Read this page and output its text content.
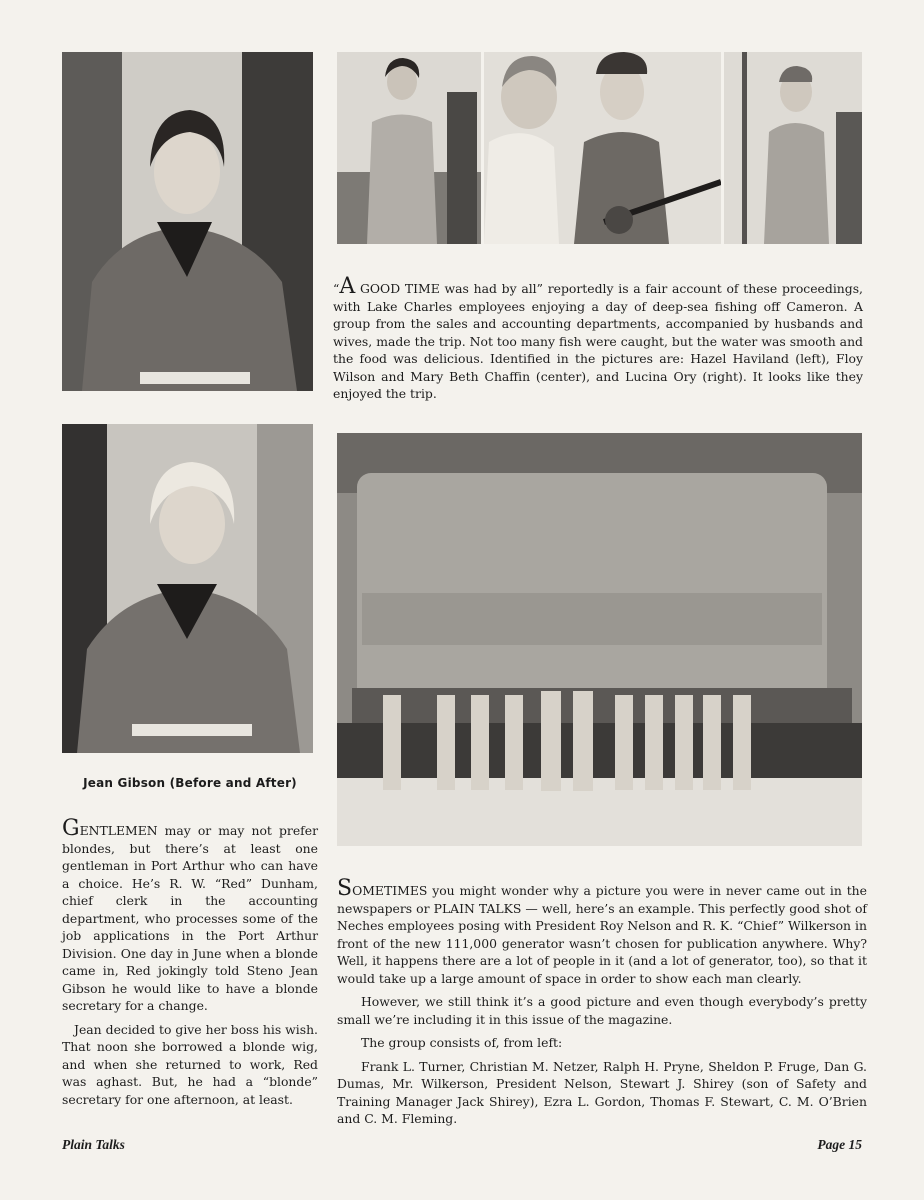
“A GOOD TIME was had by all” reportedly is a fair account of these proceedings, with Lake Charles employees enjoying a day of deep-sea fishing off Cameron. A group from the sales and accounting departments, accompanied by husbands and wives, made the trip. Not too many fish were caught, but the water was smooth and the food was delicious. Identified in the pictures are: Hazel Haviland (left), Floy Wilson and Mary Beth Chaffin (center), and Lucina Ory (right). It looks like they enjoyed the trip.

Jean Gibson (Before and After)

GENTLEMEN may or may not prefer blondes, but there’s at least one gentleman in Port Arthur who can have a choice. He’s R. W. “Red” Dunham, chief clerk in the accounting department, who processes some of the job applications in the Port Arthur Division. One day in June when a blonde came in, Red jokingly told Steno Jean Gibson he would like to have a blonde secretary for a change.

Jean decided to give her boss his wish. That noon she borrowed a blonde wig, and when she returned to work, Red was aghast. But, he had a “blonde” secretary for one afternoon, at least.

SOMETIMES you might wonder why a picture you were in never came out in the newspapers or PLAIN TALKS — well, here’s an example. This perfectly good shot of Neches employees posing with President Roy Nelson and R. K. “Chief” Wilkerson in front of the new 111,000 generator wasn’t chosen for publication anywhere. Why? Well, it happens there are a lot of people in it (and a lot of generator, too), so that it would take up a large amount of space in order to show each man clearly.

However, we still think it’s a good picture and even though everybody’s pretty small we’re including it in this issue of the magazine.

The group consists of, from left:

Frank L. Turner, Christian M. Netzer, Ralph H. Pryne, Sheldon P. Fruge, Dan G. Dumas, Mr. Wilkerson, President Nelson, Stewart J. Shirey (son of Safety and Training Manager Jack Shirey), Ezra L. Gordon, Thomas F. Stewart, C. M. O’Brien and C. M. Fleming.

Plain Talks	Page 15
